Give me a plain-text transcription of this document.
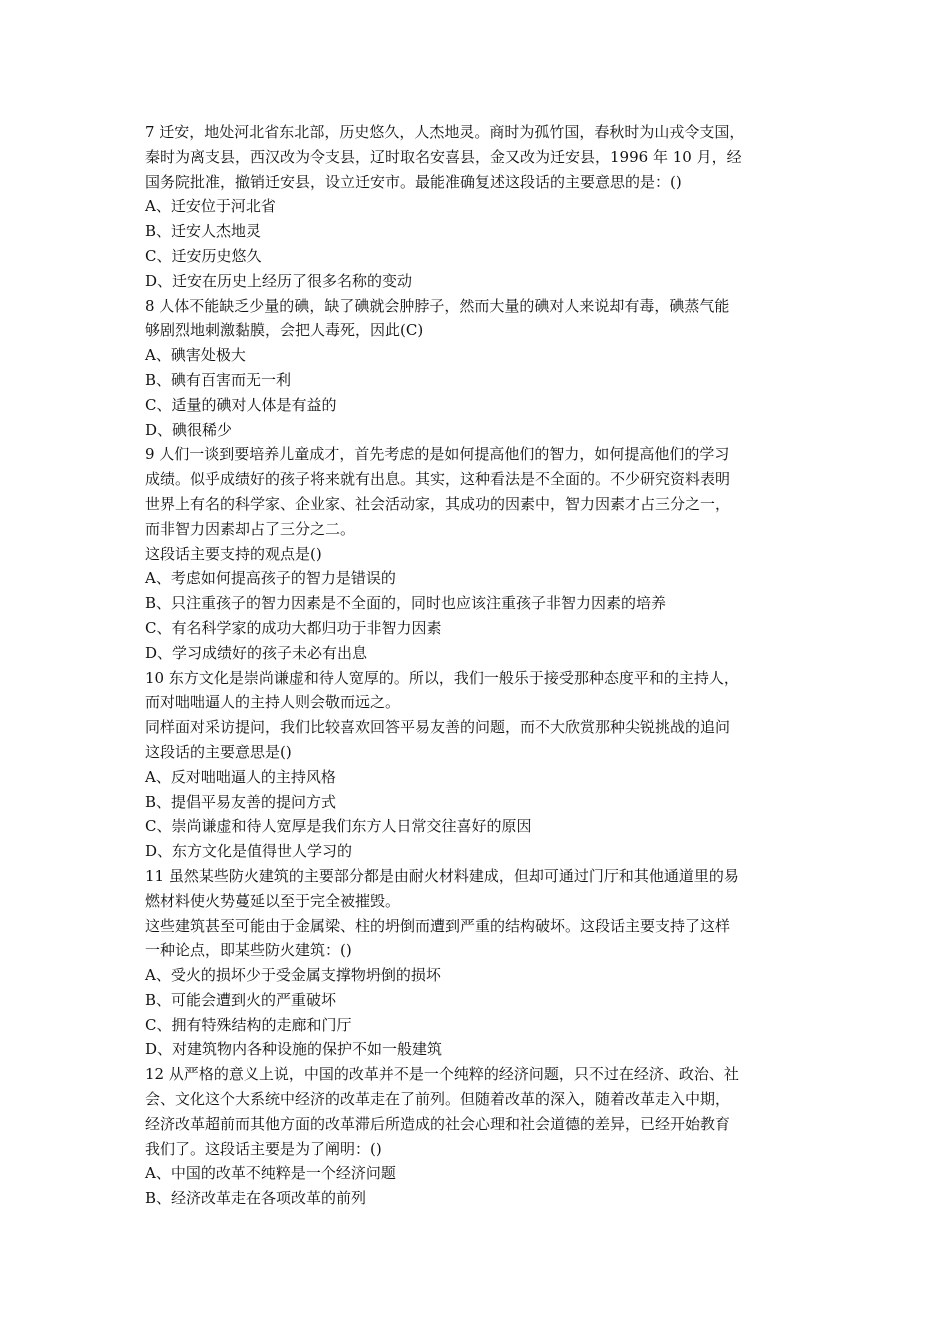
7 迁安，地处河北省东北部，历史悠久，人杰地灵。商时为孤竹国，春秋时为山戎令支国，
秦时为离支县，西汉改为令支县，辽时取名安喜县，金又改为迁安县，1996 年 10 月，经
国务院批准，撤销迁安县，设立迁安市。最能准确复述这段话的主要意思的是：()
A、迁安位于河北省
B、迁安人杰地灵
C、迁安历史悠久
D、迁安在历史上经历了很多名称的变动
8 人体不能缺乏少量的碘，缺了碘就会肿脖子，然而大量的碘对人来说却有毒，碘蒸气能
够剧烈地刺激黏膜，会把人毒死，因此(C)
A、碘害处极大
B、碘有百害而无一利
C、适量的碘对人体是有益的
D、碘很稀少
9 人们一谈到要培养儿童成才，首先考虑的是如何提高他们的智力，如何提高他们的学习
成绩。似乎成绩好的孩子将来就有出息。其实，这种看法是不全面的。不少研究资料表明
世界上有名的科学家、企业家、社会活动家，其成功的因素中，智力因素才占三分之一，
而非智力因素却占了三分之二。
这段话主要支持的观点是()
A、考虑如何提高孩子的智力是错误的
B、只注重孩子的智力因素是不全面的，同时也应该注重孩子非智力因素的培养
C、有名科学家的成功大都归功于非智力因素
D、学习成绩好的孩子未必有出息
10 东方文化是崇尚谦虚和待人宽厚的。所以，我们一般乐于接受那种态度平和的主持人，
而对咄咄逼人的主持人则会敬而远之。
同样面对采访提问，我们比较喜欢回答平易友善的问题，而不大欣赏那种尖锐挑战的追问
这段话的主要意思是()
A、反对咄咄逼人的主持风格
B、提倡平易友善的提问方式
C、崇尚谦虚和待人宽厚是我们东方人日常交往喜好的原因
D、东方文化是值得世人学习的
11 虽然某些防火建筑的主要部分都是由耐火材料建成，但却可通过门厅和其他通道里的易
燃材料使火势蔓延以至于完全被摧毁。
这些建筑甚至可能由于金属梁、柱的坍倒而遭到严重的结构破坏。这段话主要支持了这样
一种论点，即某些防火建筑：()
A、受火的损坏少于受金属支撑物坍倒的损坏
B、可能会遭到火的严重破坏
C、拥有特殊结构的走廊和门厅
D、对建筑物内各种设施的保护不如一般建筑
12 从严格的意义上说，中国的改革并不是一个纯粹的经济问题，只不过在经济、政治、社
会、文化这个大系统中经济的改革走在了前列。但随着改革的深入，随着改革走入中期，
经济改革超前而其他方面的改革滞后所造成的社会心理和社会道德的差异，已经开始教育
我们了。这段话主要是为了阐明：()
A、中国的改革不纯粹是一个经济问题
B、经济改革走在各项改革的前列
